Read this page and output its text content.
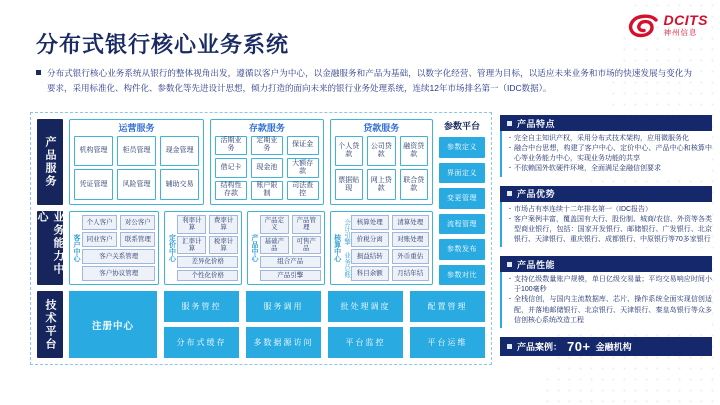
DCITS
神州信息
分布式银行核心业务系统

分布式银行核心业务系统从银行的整体视角出发，遵循以客户为中心，以金融服务和产品为基础，以数字化经营、管理为目标，以适应未来业务和市场的快速发展与变化为要求，采用标准化、构件化、参数化等先进设计思想，倾力打造的面向未来的银行业务处理系统，连续12年市场排名第一（IDC数据）。

产品服务
业务能力中心
技术平台
运营服务
机构管理	柜员管理	现金管理
凭证管理	风险管理	辅助交易
存款服务
活期业务
定期业务
保证金
借记卡	现金池
大额存款
结构性存款
账户限制
司法查控
贷款服务
个人贷款
公司贷款
融资贷款
票据贴现
网上贷款
联合贷款
参数平台
参数定义
界面定义
变更管理
流程管理
参数发布
参数对比
客户中心
个人客户	对公客户
同业客户	联系管理
客户关系管理
客户协议管理
定价中心
利率计算
费率计算
汇率计算
税率计算
差异化价格
个性化价格
产品中心
产品定义
产品管理
基础产品
可售产品
组合产品
产品引擎
核算中心
会计引擎
业务总账
核算处理	清算处理
价税分离	对账处理
损益结转	外币重估
科目余额	月结年结
注册中心
服务管控	服务调用	批处理调度	配置管理
分布式缓存	多数据源访问	平台监控	平台运维
产品特点
· 完全自主知识产权，采用分布式技术架构，应用微服务化
· 融合中台思想，构建了客户中心、定价中心、产品中心和核算中心等业务能力中心，实现业务功能的共享
· 不依赖国外软硬件环境，全面满足金融信创要求
产品优势
· 市场占有率连续十二年排名第一（IDC报告）
· 客户案例丰富，覆盖国有大行、股份制、城商/农信、外资等各类型商业银行，包括：国家开发银行、邮储银行、广发银行、北京银行、天津银行、重庆银行、成都银行、中原银行等70多家银行
产品性能
· 支持亿级数量账户规模，单日亿级交易量；平均交易响应时间小于100毫秒
· 全栈信创，与国内主流数据库、芯片、操作系统全面实现信创适配，并落地邮储银行、北京银行、天津银行、秦皇岛银行等众多信创核心系统改造工程
产品案例： 70+ 金融机构
